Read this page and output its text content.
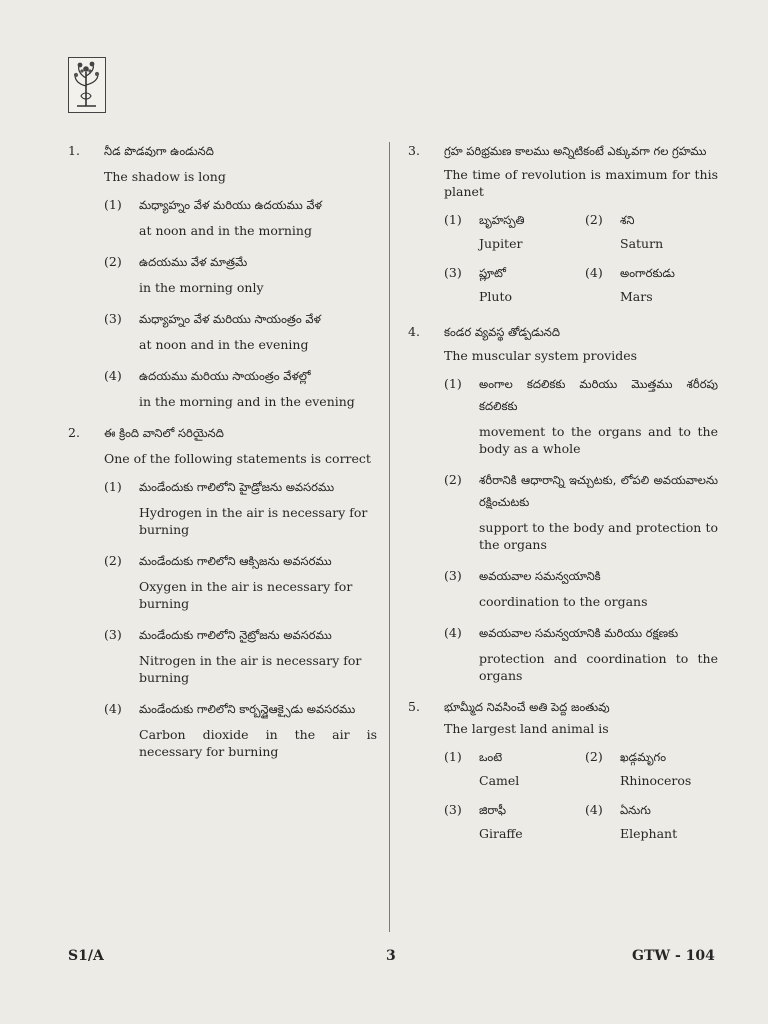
1. నీడ పొడవుగా ఉండునది
The shadow is long
(1) మధ్యాహ్నం వేళ మరియు ఉదయము వేళ
at noon and in the morning
(2) ఉదయము వేళ మాత్రమే
in the morning only
(3) మధ్యాహ్నం వేళ మరియు సాయంత్రం వేళ
at noon and in the evening
(4) ఉదయము మరియు సాయంత్రం వేళల్లో
in the morning and in the evening
2. ఈ క్రింది వానిలో సరియైనది
One of the following statements is correct
(1) మండేందుకు గాలిలోని హైడ్రోజను అవసరము
Hydrogen in the air is necessary for burning
(2) మండేందుకు గాలిలోని ఆక్సిజను అవసరము
Oxygen in the air is necessary for burning
(3) మండేందుకు గాలిలోని నైట్రోజను అవసరము
Nitrogen in the air is necessary for burning
(4) మండేందుకు గాలిలోని కార్బన్డైఆక్సైడు అవసరము
Carbon dioxide in the air is necessary for burning
3. గ్రహ పరిభ్రమణ కాలము అన్నిటికంటే ఎక్కువగా గల గ్రహము
The time of revolution is maximum for this planet
(1) బృహస్పతి
Jupiter
(2) శని
Saturn
(3) ప్లూటో
Pluto
(4) అంగారకుడు
Mars
4. కండర వ్యవస్థ తోడ్పడునది
The muscular system provides
(1) అంగాల కదలికకు మరియు మొత్తము శరీరపు కదలికకు
movement to the organs and to the body as a whole
(2) శరీరానికి ఆధారాన్ని ఇచ్చుటకు, లోపలి అవయవాలను రక్షించుటకు
support to the body and protection to the organs
(3) అవయవాల సమన్వయానికి
coordination to the organs
(4) అవయవాల సమన్వయానికి మరియు రక్షణకు
protection and coordination to the organs
5. భూమ్మీద నివసించే అతి పెద్ద జంతువు
The largest land animal is
(1) ఒంటె
Camel
(2) ఖడ్గమృగం
Rhinoceros
(3) జిరాఫీ
Giraffe
(4) ఏనుగు
Elephant
S1/A	3	GTW - 104
